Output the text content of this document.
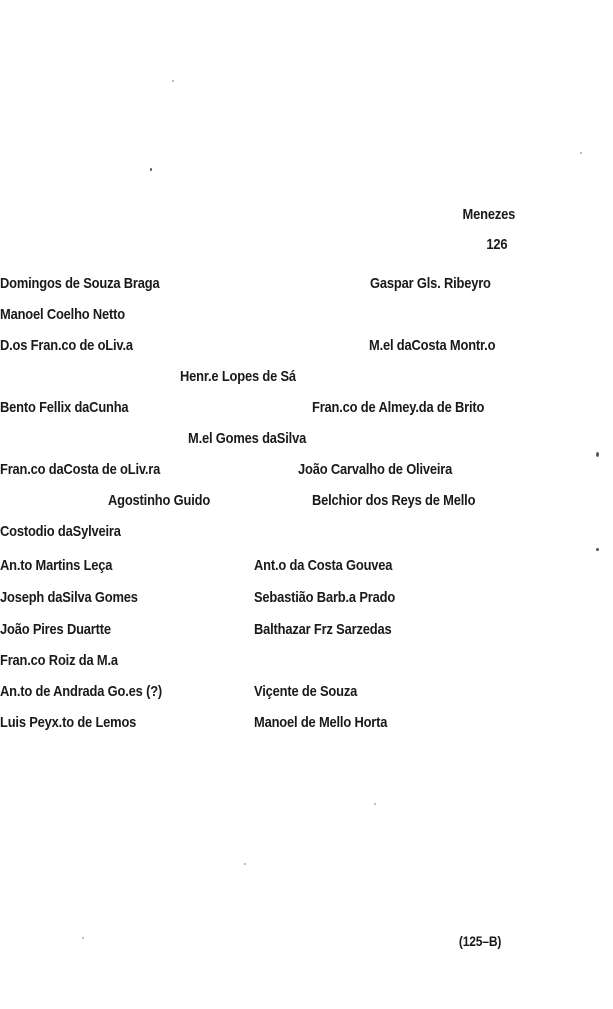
Menezes
126
Domingos de Souza Braga	Gaspar Gls. Ribeyro
Manoel Coelho Netto
D.os Fran.co de oLiv.a	M.el daCosta Montr.o
Henr.e Lopes de Sá
Bento Fellix daCunha	Fran.co de Almey.da de Brito
M.el Gomes daSilva
Fran.co daCosta de oLiv.ra	João Carvalho de Oliveira
Agostinho Guido	Belchior dos Reys de Mello
Costodio daSylveira
An.to Martins Leça	Ant.o da Costa Gouvea
Joseph daSilva Gomes	Sebastião Barb.a Prado
João Pires Duartte	Balthazar Frz Sarzedas
Fran.co Roiz da M.a
An.to de Andrada Go.es (?)	Viçente de Souza
Luis Peyx.to de Lemos	Manoel de Mello Horta
(125–B)
